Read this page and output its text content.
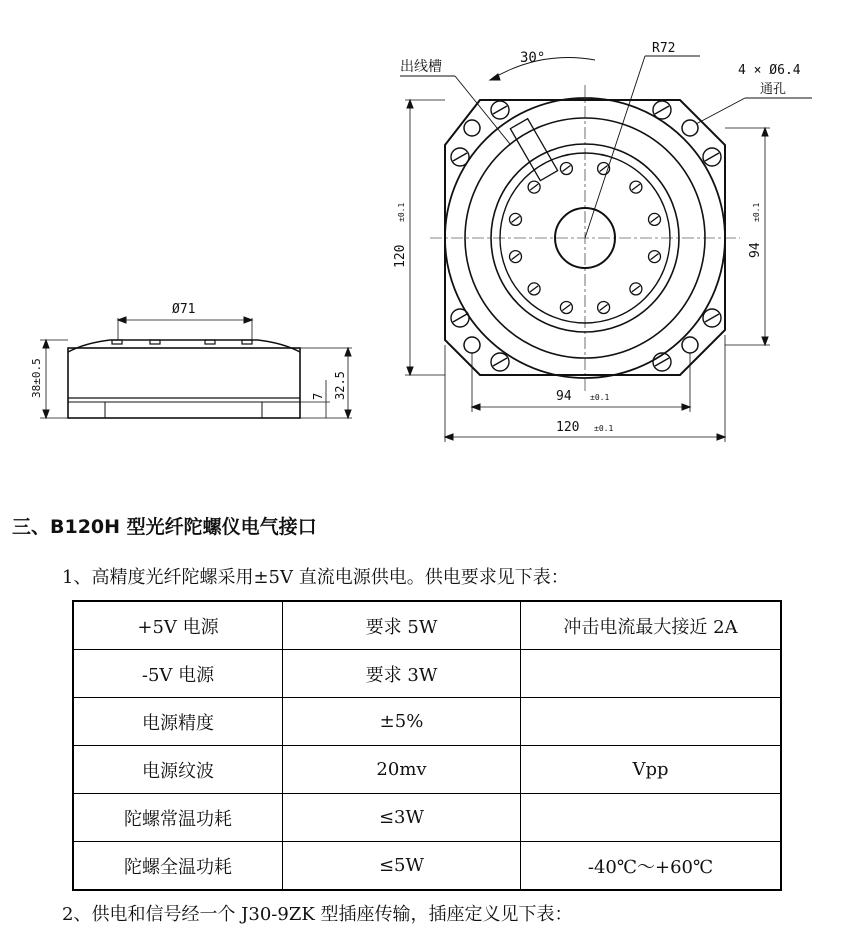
Ø71
38±0.5	7 32.5
出线槽
30°
R72
4 × Ø6.4
通孔
120
±0.1
94
±0.1
94 ±0.1
120 ±0.1
三、B120H 型光纤陀螺仪电气接口
1、高精度光纤陀螺采用±5V 直流电源供电。供电要求见下表：
+5V 电源	要求 5W	冲击电流最大接近 2A
-5V 电源	要求 3W	
电源精度	±5%	
电源纹波	20mv	Vpp
陀螺常温功耗	≤3W	
陀螺全温功耗	≤5W	-40℃～+60℃
2、供电和信号经一个 J30-9ZK 型插座传输，插座定义见下表：
